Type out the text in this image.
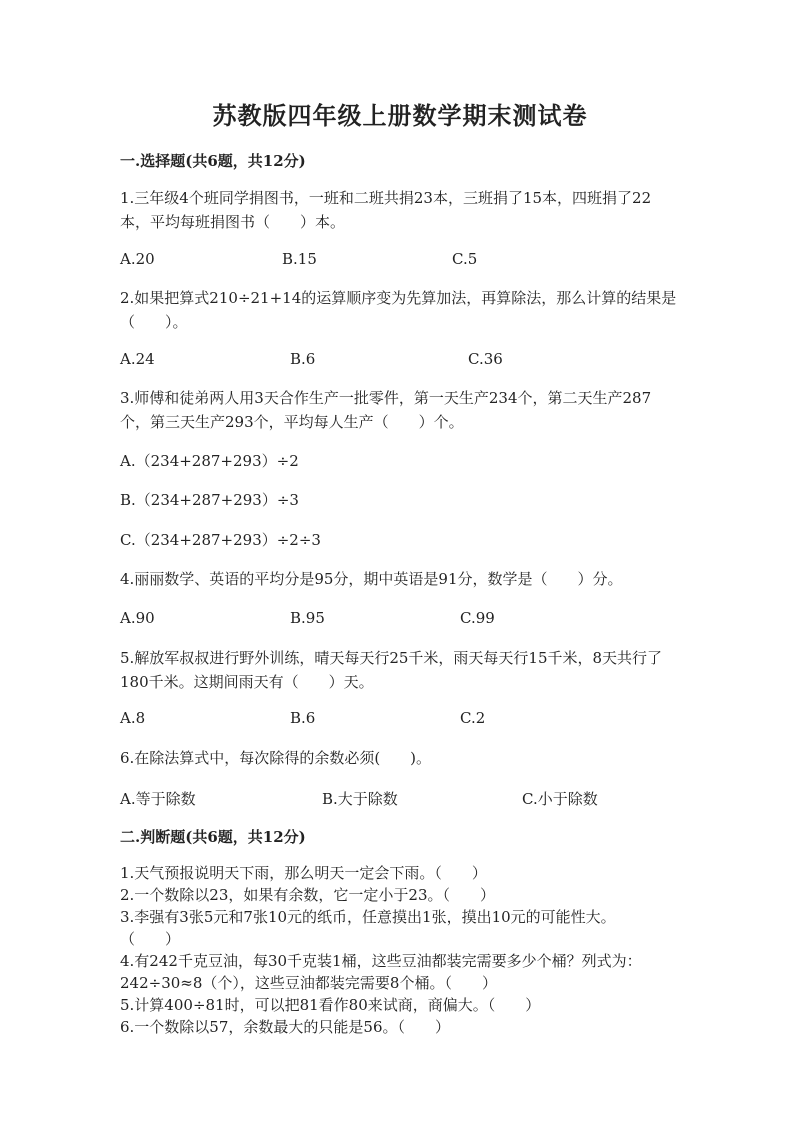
苏教版四年级上册数学期末测试卷
一.选择题(共6题，共12分)
1.三年级4个班同学捐图书，一班和二班共捐23本，三班捐了15本，四班捐了22本，平均每班捐图书（　　）本。
A.20	B.15	C.5
2.如果把算式210÷21+14的运算顺序变为先算加法，再算除法，那么计算的结果是（　　）。
A.24	B.6	C.36
3.师傅和徒弟两人用3天合作生产一批零件，第一天生产234个，第二天生产287个，第三天生产293个，平均每人生产（　　）个。
A.（234+287+293）÷2
B.（234+287+293）÷3
C.（234+287+293）÷2÷3
4.丽丽数学、英语的平均分是95分，期中英语是91分，数学是（　　）分。
A.90	B.95	C.99
5.解放军叔叔进行野外训练，晴天每天行25千米，雨天每天行15千米，8天共行了180千米。这期间雨天有（　　）天。
A.8	B.6	C.2
6.在除法算式中，每次除得的余数必须(　　)。
A.等于除数	B.大于除数	C.小于除数
二.判断题(共6题，共12分)
1.天气预报说明天下雨，那么明天一定会下雨。（　　）
2.一个数除以23，如果有余数，它一定小于23。（　　）
3.李强有3张5元和7张10元的纸币，任意摸出1张，摸出10元的可能性大。　　（　　）
4.有242千克豆油，每30千克装1桶，这些豆油都装完需要多少个桶？列式为：242÷30≈8（个），这些豆油都装完需要8个桶。（　　）
5.计算400÷81时，可以把81看作80来试商，商偏大。（　　）
6.一个数除以57，余数最大的只能是56。（　　）
